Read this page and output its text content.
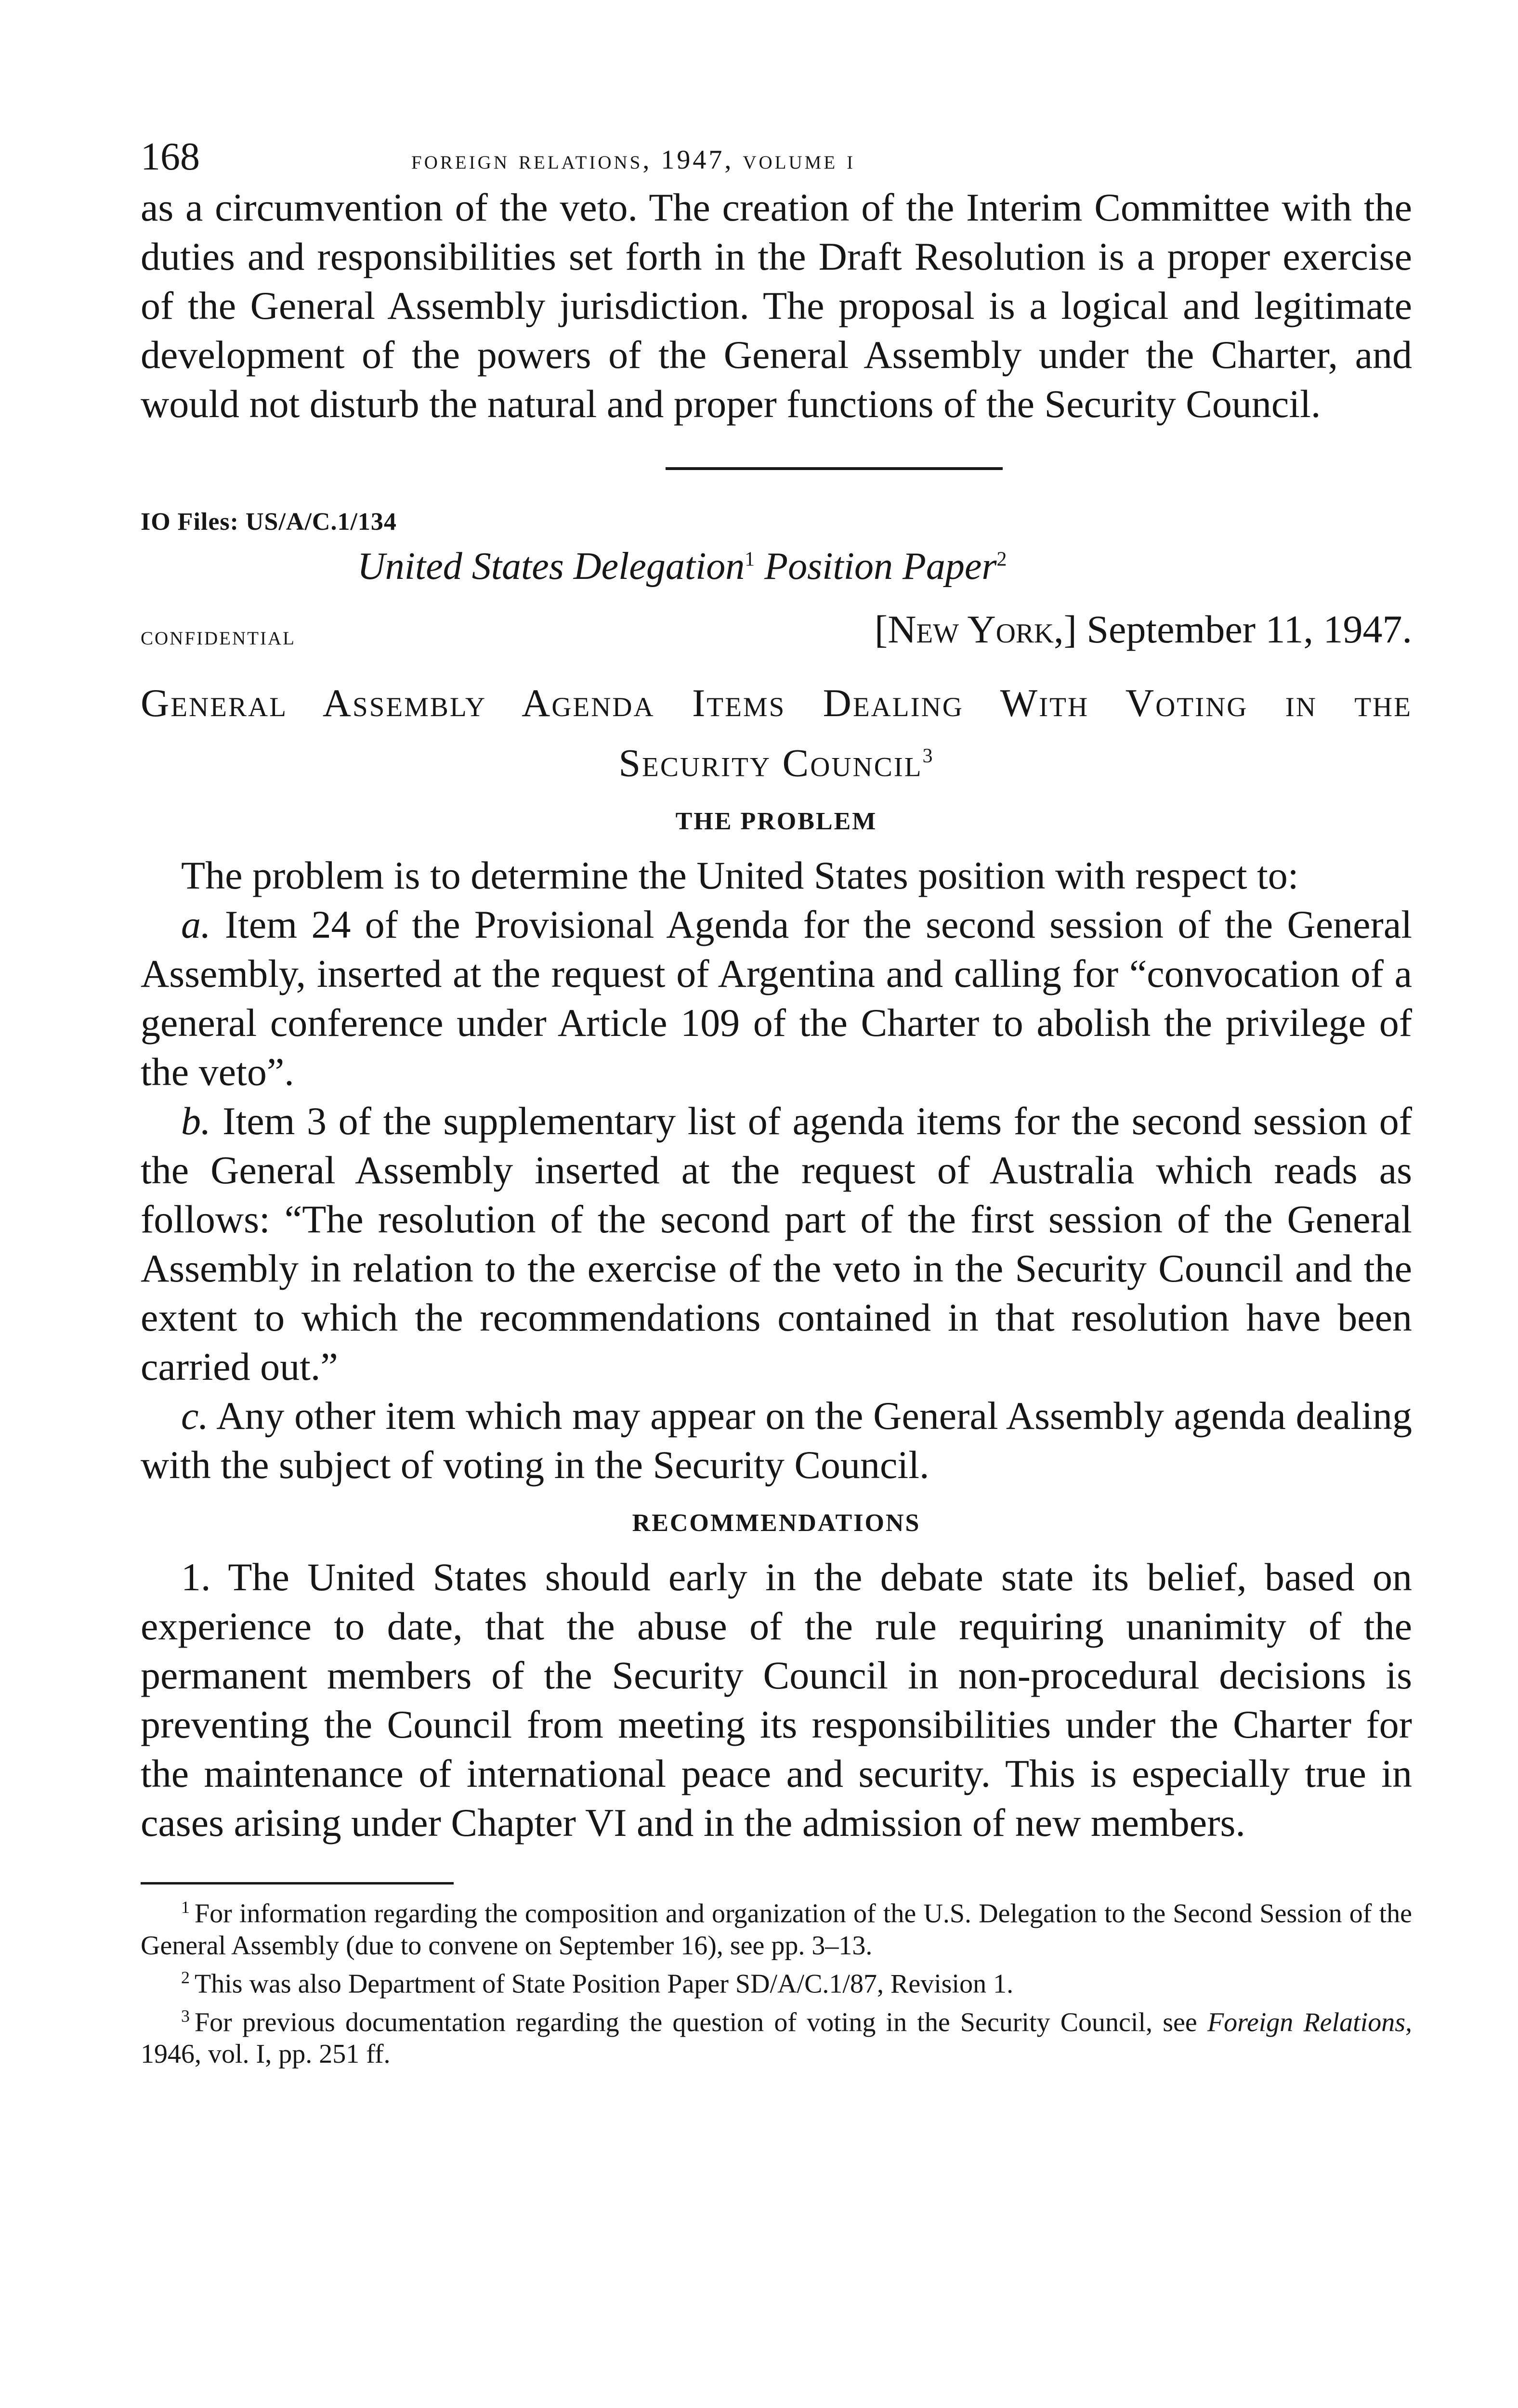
168	foreign relations, 1947, volume i

as a circumvention of the veto. The creation of the Interim Committee with the duties and responsibilities set forth in the Draft Resolution is a proper exercise of the General Assembly jurisdiction. The proposal is a logical and legitimate development of the powers of the General Assembly under the Charter, and would not disturb the natural and proper functions of the Security Council.

IO Files: US/A/C.1/134
United States Delegation$^1$ Position Paper$^2$
confidential	[New York,] September 11, 1947.
General Assembly Agenda Items Dealing With Voting in the
Security Council$^3$
THE PROBLEM

The problem is to determine the United States position with respect to:

a. Item 24 of the Provisional Agenda for the second session of the General Assembly, inserted at the request of Argentina and calling for “convocation of a general conference under Article 109 of the Charter to abolish the privilege of the veto”.

b. Item 3 of the supplementary list of agenda items for the second session of the General Assembly inserted at the request of Australia which reads as follows: “The resolution of the second part of the first session of the General Assembly in relation to the exercise of the veto in the Security Council and the extent to which the recommendations contained in that resolution have been carried out.”

c. Any other item which may appear on the General Assembly agenda dealing with the subject of voting in the Security Council.

RECOMMENDATIONS

1. The United States should early in the debate state its belief, based on experience to date, that the abuse of the rule requiring unanimity of the permanent members of the Security Council in non-procedural decisions is preventing the Council from meeting its responsibilities under the Charter for the maintenance of international peace and security. This is especially true in cases arising under Chapter VI and in the admission of new members.

$^1$ For information regarding the composition and organization of the U.S. Delegation to the Second Session of the General Assembly (due to convene on September 16), see pp. 3–13.

$^2$ This was also Department of State Position Paper SD/A/C.1/87, Revision 1.

$^3$ For previous documentation regarding the question of voting in the Security Council, see Foreign Relations, 1946, vol. I, pp. 251 ff.
